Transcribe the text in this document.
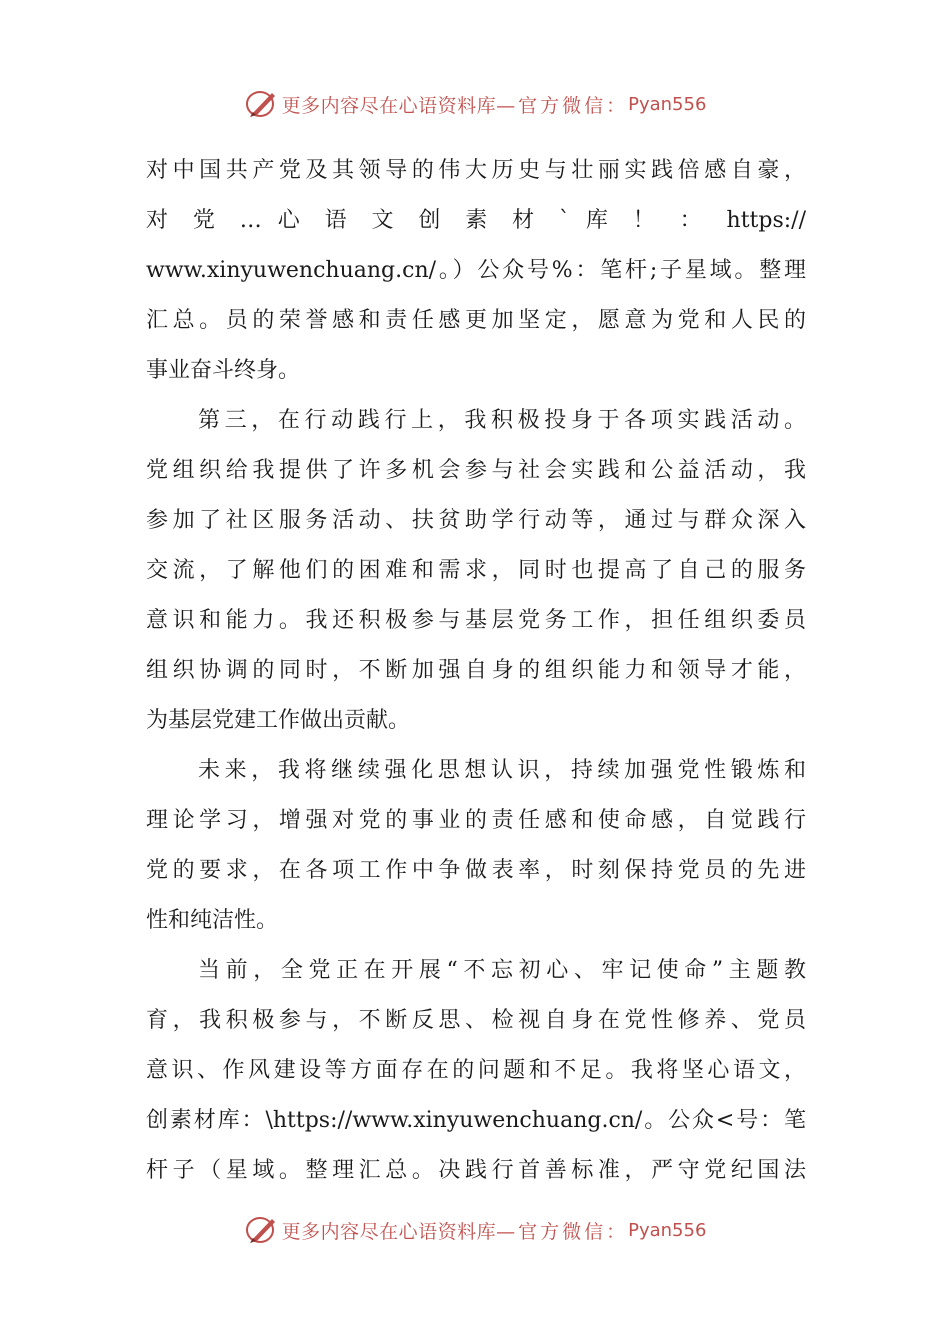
更多内容尽在心语资料库 —官方微信： Pyan556
对中国共产党及其领导的伟大历史与壮丽实践倍感自豪，
对 党 … 心 语 文 创 素 材 ` 库 ！ ： https://
www.xinyuwenchuang.cn/。）公众号%：笔杆;子星域。整理
汇总。员的荣誉感和责任感更加坚定，愿意为党和人民的
事业奋斗终身。
第三，在行动践行上，我积极投身于各项实践活动。
党组织给我提供了许多机会参与社会实践和公益活动，我
参加了社区服务活动、扶贫助学行动等，通过与群众深入
交流，了解他们的困难和需求，同时也提高了自己的服务
意识和能力。我还积极参与基层党务工作，担任组织委员
组织协调的同时，不断加强自身的组织能力和领导才能，
为基层党建工作做出贡献。
未来，我将继续强化思想认识，持续加强党性锻炼和
理论学习，增强对党的事业的责任感和使命感，自觉践行
党的要求，在各项工作中争做表率，时刻保持党员的先进
性和纯洁性。
当前，全党正在开展“不忘初心、牢记使命”主题教
育，我积极参与，不断反思、检视自身在党性修养、党员
意识、作风建设等方面存在的问题和不足。我将坚心语文，
创素材库：\https://www.xinyuwenchuang.cn/。公众<号：笔
杆子（星域。整理汇总。决践行首善标准，严守党纪国法
更多内容尽在心语资料库 —官方微信： Pyan556
